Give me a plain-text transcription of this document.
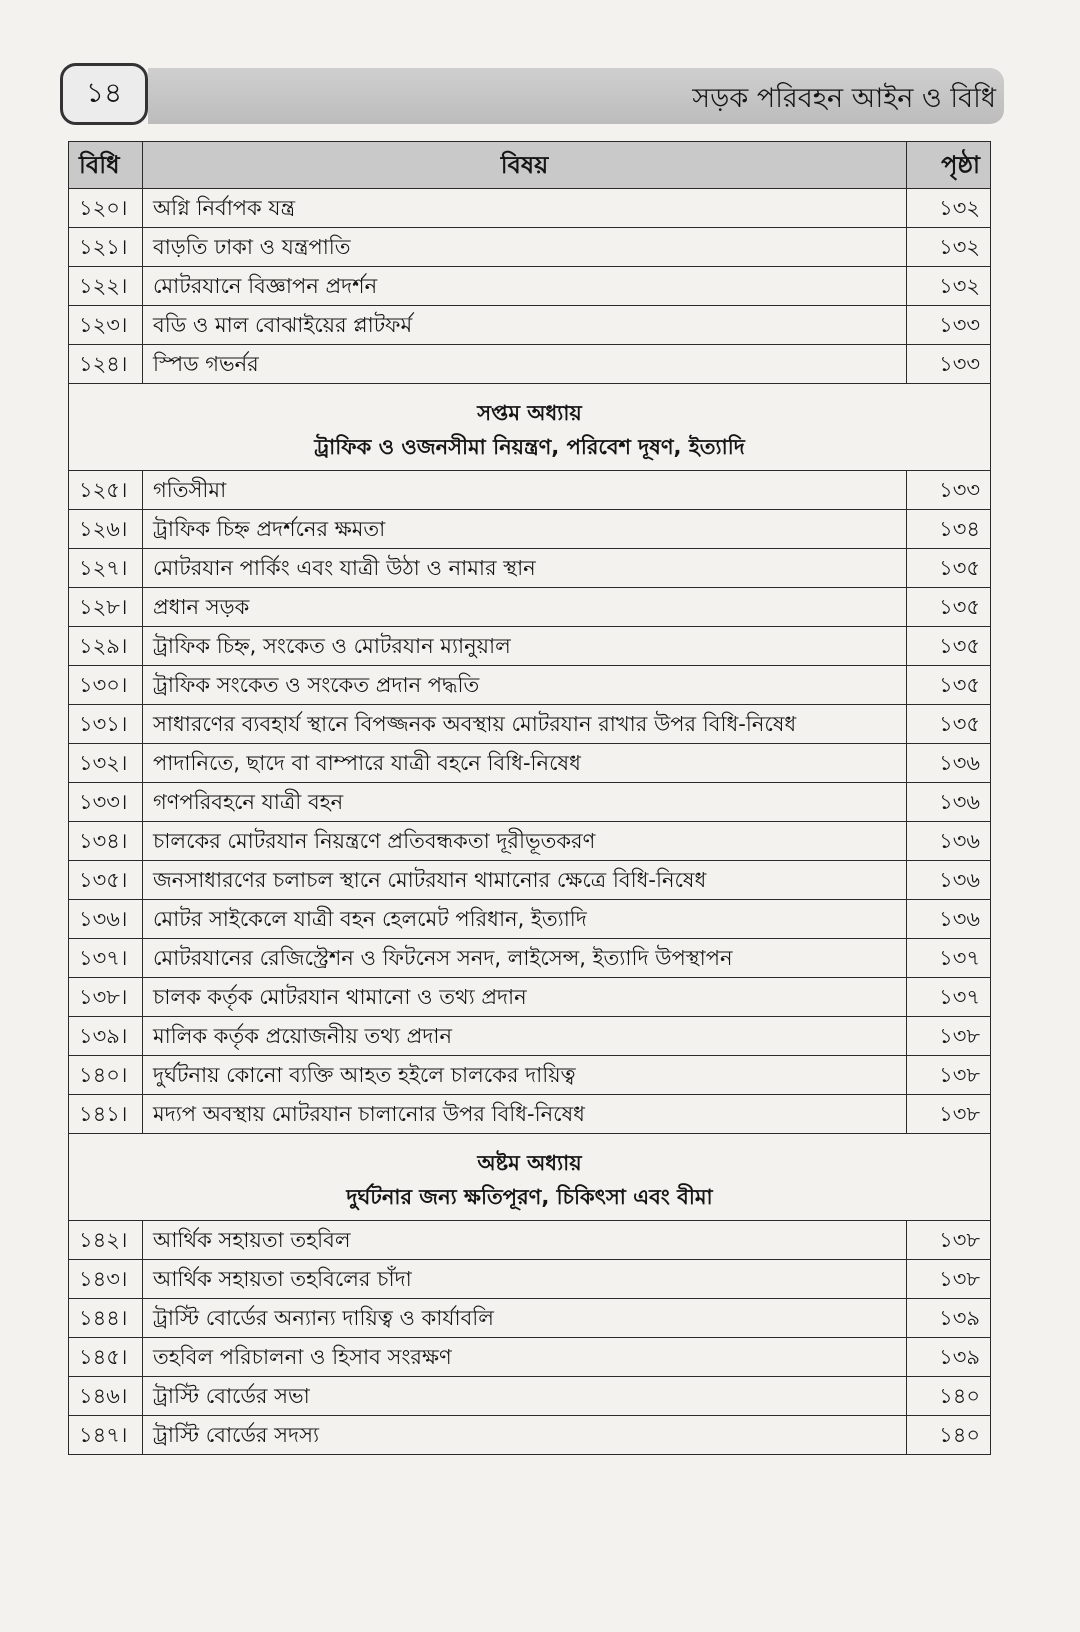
১৪	সড়ক পরিবহন আইন ও বিধি
বিধি	বিষয়	পৃষ্ঠা
১২০।	অগ্নি নির্বাপক যন্ত্র	১৩২
১২১।	বাড়তি ঢাকা ও যন্ত্রপাতি	১৩২
১২২।	মোটরযানে বিজ্ঞাপন প্রদর্শন	১৩২
১২৩।	বডি ও মাল বোঝাইয়ের প্লাটফর্ম	১৩৩
১২৪।	স্পিড গভর্নর	১৩৩

সপ্তম অধ্যায়
ট্রাফিক ও ওজনসীমা নিয়ন্ত্রণ, পরিবেশ দূষণ, ইত্যাদি		

১২৫।	গতিসীমা	১৩৩
১২৬।	ট্রাফিক চিহ্ন প্রদর্শনের ক্ষমতা	১৩৪
১২৭।	মোটরযান পার্কিং এবং যাত্রী উঠা ও নামার স্থান	১৩৫
১২৮।	প্রধান সড়ক	১৩৫
১২৯।	ট্রাফিক চিহ্ন, সংকেত ও মোটরযান ম্যানুয়াল	১৩৫
১৩০।	ট্রাফিক সংকেত ও সংকেত প্রদান পদ্ধতি	১৩৫
১৩১।	সাধারণের ব্যবহার্য স্থানে বিপজ্জনক অবস্থায় মোটরযান রাখার উপর বিধি-নিষেধ	১৩৫
১৩২।	পাদানিতে, ছাদে বা বাম্পারে যাত্রী বহনে বিধি-নিষেধ	১৩৬
১৩৩।	গণপরিবহনে যাত্রী বহন	১৩৬
১৩৪।	চালকের মোটরযান নিয়ন্ত্রণে প্রতিবন্ধকতা দূরীভূতকরণ	১৩৬
১৩৫।	জনসাধারণের চলাচল স্থানে মোটরযান থামানোর ক্ষেত্রে বিধি-নিষেধ	১৩৬
১৩৬।	মোটর সাইকেলে যাত্রী বহন হেলমেট পরিধান, ইত্যাদি	১৩৬
১৩৭।	মোটরযানের রেজিস্ট্রেশন ও ফিটনেস সনদ, লাইসেন্স, ইত্যাদি উপস্থাপন	১৩৭
১৩৮।	চালক কর্তৃক মোটরযান থামানো ও তথ্য প্রদান	১৩৭
১৩৯।	মালিক কর্তৃক প্রয়োজনীয় তথ্য প্রদান	১৩৮
১৪০।	দুর্ঘটনায় কোনো ব্যক্তি আহত হইলে চালকের দায়িত্ব	১৩৮
১৪১।	মদ্যপ অবস্থায় মোটরযান চালানোর উপর বিধি-নিষেধ	১৩৮

অষ্টম অধ্যায়
দুর্ঘটনার জন্য ক্ষতিপূরণ, চিকিৎসা এবং বীমা		

১৪২।	আর্থিক সহায়তা তহবিল	১৩৮
১৪৩।	আর্থিক সহায়তা তহবিলের চাঁদা	১৩৮
১৪৪।	ট্রাস্টি বোর্ডের অন্যান্য দায়িত্ব ও কার্যাবলি	১৩৯
১৪৫।	তহবিল পরিচালনা ও হিসাব সংরক্ষণ	১৩৯
১৪৬।	ট্রাস্টি বোর্ডের সভা	১৪০
১৪৭।	ট্রাস্টি বোর্ডের সদস্য	১৪০
